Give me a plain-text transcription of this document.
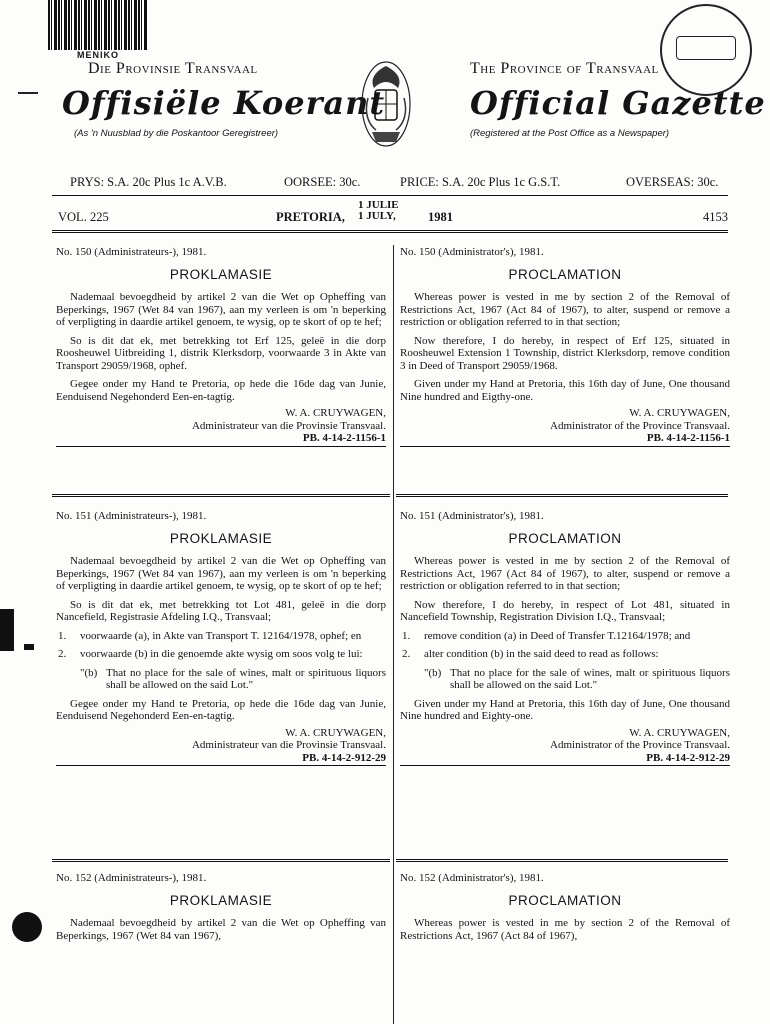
MENIKO
Die Provinsie Transvaal
Offisiële Koerant
(As 'n Nuusblad by die Poskantoor Geregistreer)
The Province of Transvaal
Official Gazette
(Registered at the Post Office as a Newspaper)
PRYS: S.A. 20c Plus 1c A.V.B.	OORSEE: 30c.	PRICE: S.A. 20c Plus 1c G.S.T.	OVERSEAS: 30c.
VOL. 225	PRETORIA,
1 JULIE
1 JULY,	1981	4153

No. 150 (Administrateurs-), 1981.

PROKLAMASIE

Nademaal bevoegdheid by artikel 2 van die Wet op Opheffing van Beperkings, 1967 (Wet 84 van 1967), aan my verleen is om 'n beperking of verpligting in daardie artikel genoem, te wysig, op te skort of op te hef;

So is dit dat ek, met betrekking tot Erf 125, geleë in die dorp Roosheuwel Uitbreiding 1, distrik Klerksdorp, voorwaarde 3 in Akte van Transport 29059/1968, ophef.

Gegee onder my Hand te Pretoria, op hede die 16de dag van Junie, Eenduisend Negehonderd Een-en-tagtig.

W. A. CRUYWAGEN,

Administrateur van die Provinsie Transvaal.

PB. 4-14-2-1156-1

No. 151 (Administrateurs-), 1981.

PROKLAMASIE

Nademaal bevoegdheid by artikel 2 van die Wet op Opheffing van Beperkings, 1967 (Wet 84 van 1967), aan my verleen is om 'n beperking of verpligting in daardie artikel genoem, te wysig, op te skort of op te hef;

So is dit dat ek, met betrekking tot Lot 481, geleë in die dorp Nancefield, Registrasie Afdeling I.Q., Transvaal;

1.	voorwaarde (a), in Akte van Transport T. 12164/1978, ophef; en
2.	voorwaarde (b) in die genoemde akte wysig om soos volg te lui:
"(b) That no place for the sale of wines, malt or spirituous liquors shall be allowed on the said Lot."

Gegee onder my Hand te Pretoria, op hede die 16de dag van Junie, Eenduisend Negehonderd Een-en-tagtig.

W. A. CRUYWAGEN,

Administrateur van die Provinsie Transvaal.

PB. 4-14-2-912-29

No. 152 (Administrateurs-), 1981.

PROKLAMASIE

Nademaal bevoegdheid by artikel 2 van die Wet op Opheffing van Beperkings, 1967 (Wet 84 van 1967),

No. 150 (Administrator's), 1981.

PROCLAMATION

Whereas power is vested in me by section 2 of the Removal of Restrictions Act, 1967 (Act 84 of 1967), to alter, suspend or remove a restriction or obligation referred to in that section;

Now therefore, I do hereby, in respect of Erf 125, situated in Roosheuwel Extension 1 Township, district Klerksdorp, remove condition 3 in Deed of Transport 29059/1968.

Given under my Hand at Pretoria, this 16th day of June, One thousand Nine hundred and Eigthy-one.

W. A. CRUYWAGEN,

Administrator of the Province Transvaal.

PB. 4-14-2-1156-1

No. 151 (Administrator's), 1981.

PROCLAMATION

Whereas power is vested in me by section 2 of the Removal of Restrictions Act, 1967 (Act 84 of 1967), to alter, suspend or remove a restriction or obligation referred to in that section;

Now therefore, I do hereby, in respect of Lot 481, situated in Nancefield Township, Registration Division I.Q., Transvaal;

1.	remove condition (a) in Deed of Transfer T.12164/1978; and
2.	alter condition (b) in the said deed to read as follows:
"(b) That no place for the sale of wines, malt or spirituous liquors shall be allowed on the said Lot."

Given under my Hand at Pretoria, this 16th day of June, One thousand Nine hundred and Eighty-one.

W. A. CRUYWAGEN,

Administrator of the Province Transvaal.

PB. 4-14-2-912-29

No. 152 (Administrator's), 1981.

PROCLAMATION

Whereas power is vested in me by section 2 of the Removal of Restrictions Act, 1967 (Act 84 of 1967),
